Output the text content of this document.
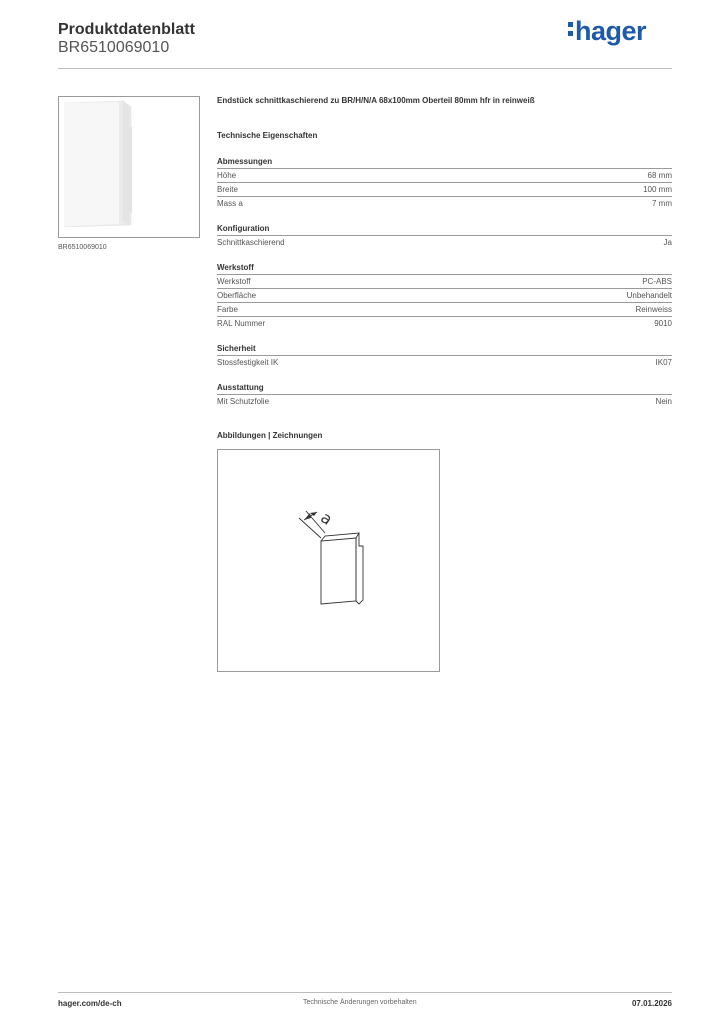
Produktdatenblatt
BR6510069010
hager
BR6510069010
Endstück schnittkaschierend zu BR/H/N/A 68x100mm Oberteil 80mm hfr in reinweiß
Technische Eigenschaften
Abmessungen
Höhe	68 mm
Breite	100 mm
Mass a	7 mm
Konfiguration
Schnittkaschierend	Ja
Werkstoff
Werkstoff	PC-ABS
Oberfläche	Unbehandelt
Farbe	Reinweiss
RAL Nummer	9010
Sicherheit
Stossfestigkeit IK	IK07
Ausstattung
Mit Schutzfolie	Nein
Abbildungen | Zeichnungen
a
hager.com/de-ch	Technische Änderungen vorbehalten	07.01.2026
